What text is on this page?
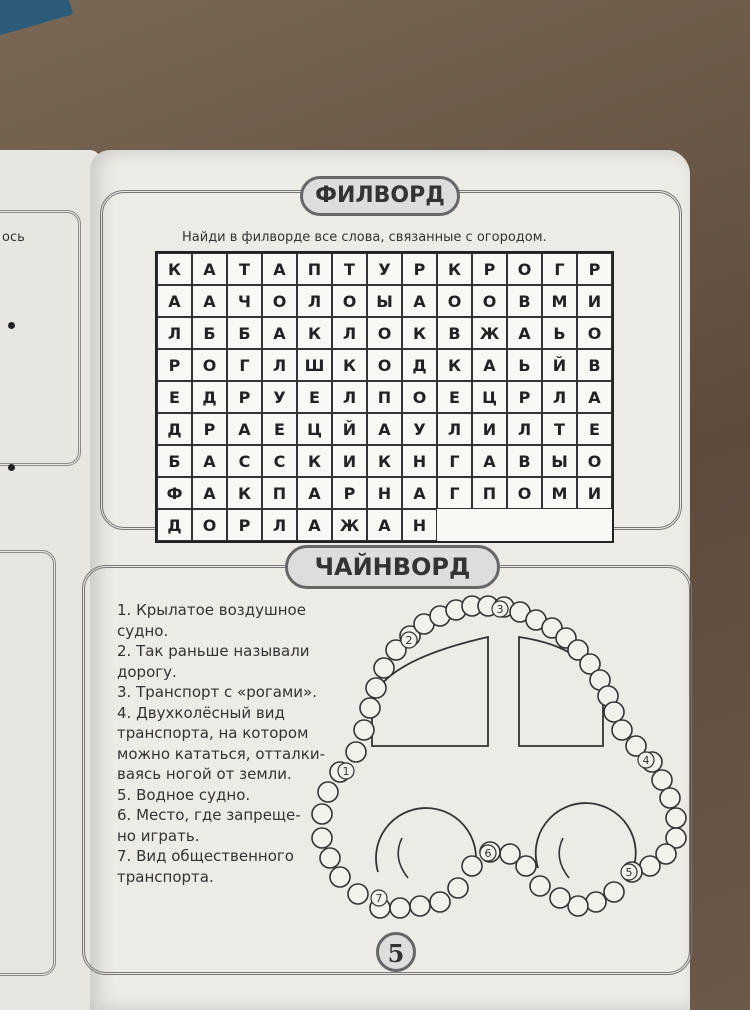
ось
ФИЛВОРД
Найди в филворде все слова, связанные с огородом.
К	А	Т	А	П	Т	У	Р	К	Р	О	Г	Р
А	А	Ч	О	Л	О	Ы	А	О	О	В	М	И
Л	Б	Б	А	К	Л	О	К	В	Ж	А	Ь	О
Р	О	Г	Л	Ш	К	О	Д	К	А	Ь	Й	В
Е	Д	Р	У	Е	Л	П	О	Е	Ц	Р	Л	А
Д	Р	А	Е	Ц	Й	А	У	Л	И	Л	Т	Е
Б	А	С	С	К	И	К	Н	Г	А	В	Ы	О
Ф	А	К	П	А	Р	Н	А	Г	П	О	М	И
Д	О	Р	Л	А	Ж	А	Н
ЧАЙНВОРД

1. Крылатое воздушное судно.

2. Так раньше называли

дорогу.

3. Транспорт с «рогами».

4. Двухколёсный вид

транспорта, на котором

можно кататься, отталки-

ваясь ногой от земли.

5. Водное судно.

6. Место, где запреще-

но играть.

7. Вид общественного

транспорта.

1
2
3
4
5
6
7
5
